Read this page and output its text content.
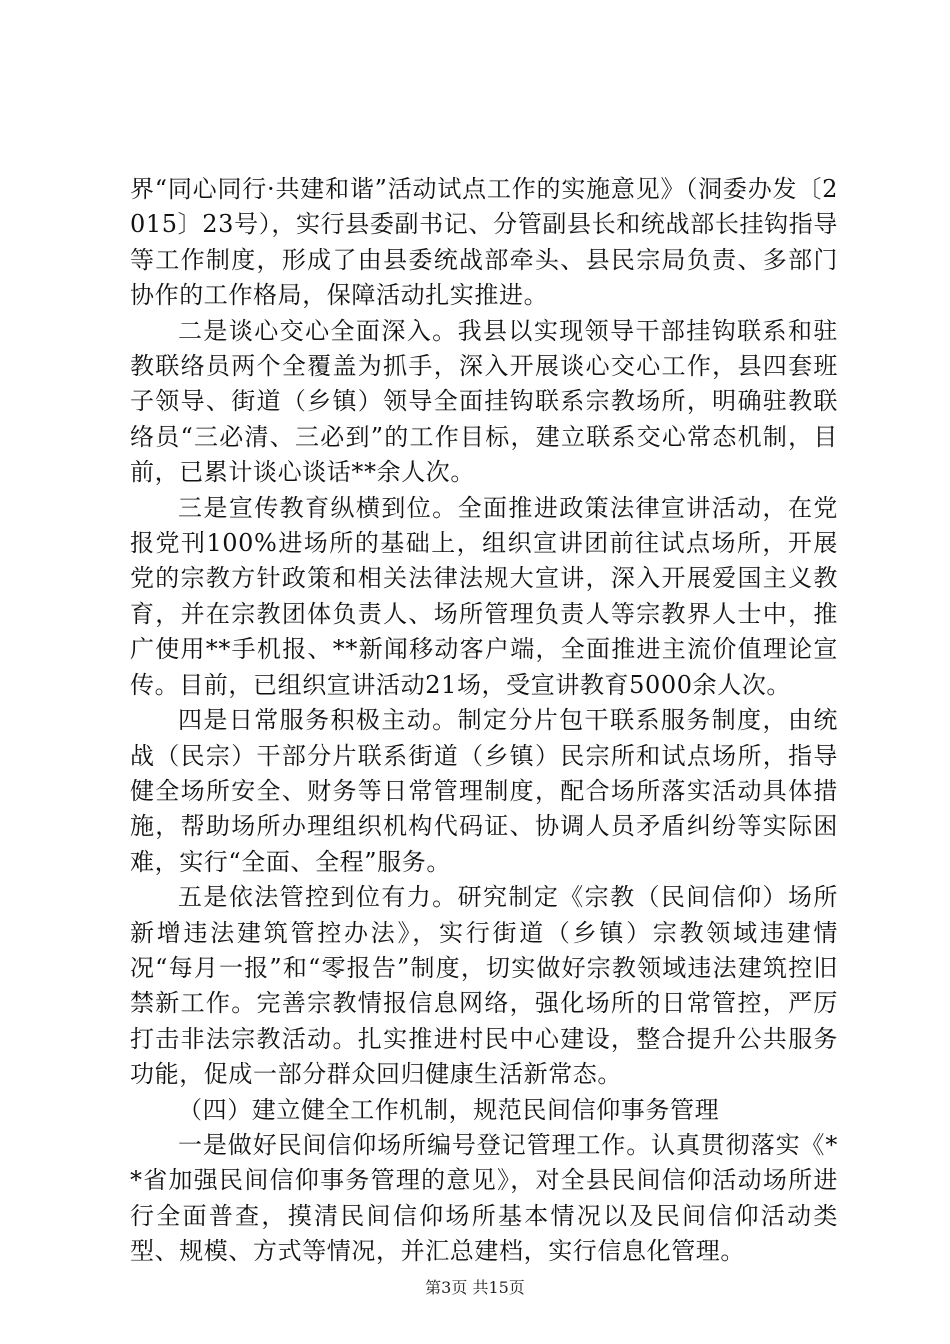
界“同心同行·共建和谐”活动试点工作的实施意见》（洞委办发〔2015〕23号），实行县委副书记、分管副县长和统战部长挂钩指导等工作制度，形成了由县委统战部牵头、县民宗局负责、多部门协作的工作格局，保障活动扎实推进。

二是谈心交心全面深入。我县以实现领导干部挂钩联系和驻教联络员两个全覆盖为抓手，深入开展谈心交心工作，县四套班子领导、街道（乡镇）领导全面挂钩联系宗教场所，明确驻教联络员“三必清、三必到”的工作目标，建立联系交心常态机制，目前，已累计谈心谈话**余人次。

三是宣传教育纵横到位。全面推进政策法律宣讲活动，在党报党刊100%进场所的基础上，组织宣讲团前往试点场所，开展党的宗教方针政策和相关法律法规大宣讲，深入开展爱国主义教育，并在宗教团体负责人、场所管理负责人等宗教界人士中，推广使用**手机报、**新闻移动客户端，全面推进主流价值理论宣传。目前，已组织宣讲活动21场，受宣讲教育5000余人次。

四是日常服务积极主动。制定分片包干联系服务制度，由统战（民宗）干部分片联系街道（乡镇）民宗所和试点场所，指导健全场所安全、财务等日常管理制度，配合场所落实活动具体措施，帮助场所办理组织机构代码证、协调人员矛盾纠纷等实际困难，实行“全面、全程”服务。

五是依法管控到位有力。研究制定《宗教（民间信仰）场所新增违法建筑管控办法》，实行街道（乡镇）宗教领域违建情况“每月一报”和“零报告”制度，切实做好宗教领域违法建筑控旧禁新工作。完善宗教情报信息网络，强化场所的日常管控，严厉打击非法宗教活动。扎实推进村民中心建设，整合提升公共服务功能，促成一部分群众回归健康生活新常态。

（四）建立健全工作机制，规范民间信仰事务管理

一是做好民间信仰场所编号登记管理工作。认真贯彻落实《**省加强民间信仰事务管理的意见》，对全县民间信仰活动场所进行全面普查，摸清民间信仰场所基本情况以及民间信仰活动类型、规模、方式等情况，并汇总建档，实行信息化管理。

第3页 共15页
